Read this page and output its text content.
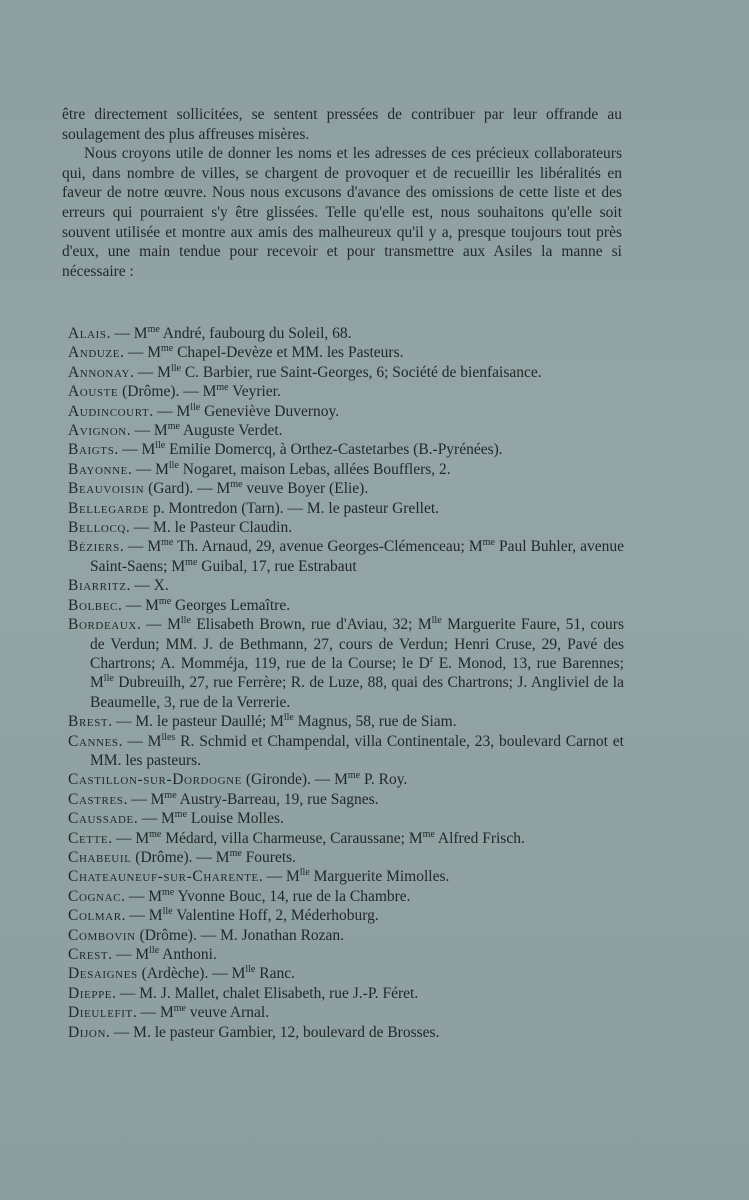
être directement sollicitées, se sentent pressées de contribuer par leur offrande au soulagement des plus affreuses misères.

Nous croyons utile de donner les noms et les adresses de ces précieux collaborateurs qui, dans nombre de villes, se chargent de provoquer et de recueillir les libéralités en faveur de notre œuvre. Nous nous excusons d'avance des omissions de cette liste et des erreurs qui pourraient s'y être glissées. Telle qu'elle est, nous souhaitons qu'elle soit souvent utilisée et montre aux amis des malheureux qu'il y a, presque toujours tout près d'eux, une main tendue pour recevoir et pour transmettre aux Asiles la manne si nécessaire :

Alais. — $M^{me}$ André, faubourg du Soleil, 68.

Anduze. — $M^{me}$ Chapel-Devèze et MM. les Pasteurs.

Annonay. — $M^{lle}$ C. Barbier, rue Saint-Georges, 6; Société de bienfaisance.

Aouste (Drôme). — $M^{me}$ Veyrier.

Audincourt. — $M^{lle}$ Geneviève Duvernoy.

Avignon. — $M^{me}$ Auguste Verdet.

Baigts. — $M^{lle}$ Emilie Domercq, à Orthez-Castetarbes (B.-Pyrénées).

Bayonne. — $M^{lle}$ Nogaret, maison Lebas, allées Boufflers, 2.

Beauvoisin (Gard). — $M^{me}$ veuve Boyer (Elie).

Bellegarde p. Montredon (Tarn). — M. le pasteur Grellet.

Bellocq. — M. le Pasteur Claudin.

Béziers. — $M^{me}$ Th. Arnaud, 29, avenue Georges-Clémenceau; $M^{me}$ Paul Buhler, avenue Saint-Saens; $M^{me}$ Guibal, 17, rue Estrabaut

Biarritz. — X.

Bolbec. — $M^{me}$ Georges Lemaître.

Bordeaux. — $M^{lle}$ Elisabeth Brown, rue d'Aviau, 32; $M^{lle}$ Marguerite Faure, 51, cours de Verdun; MM. J. de Bethmann, 27, cours de Verdun; Henri Cruse, 29, Pavé des Chartrons; A. Momméja, 119, rue de la Course; le $D^r$ E. Monod, 13, rue Barennes; $M^{lle}$ Dubreuilh, 27, rue Ferrère; R. de Luze, 88, quai des Chartrons; J. Angliviel de la Beaumelle, 3, rue de la Verrerie.

Brest. — M. le pasteur Daullé; $M^{lle}$ Magnus, 58, rue de Siam.

Cannes. — $M^{lles}$ R. Schmid et Champendal, villa Continentale, 23, boulevard Carnot et MM. les pasteurs.

Castillon-sur-Dordogne (Gironde). — $M^{me}$ P. Roy.

Castres. — $M^{me}$ Austry-Barreau, 19, rue Sagnes.

Caussade. — $M^{me}$ Louise Molles.

Cette. — $M^{me}$ Médard, villa Charmeuse, Caraussane; $M^{me}$ Alfred Frisch.

Chabeuil (Drôme). — $M^{me}$ Fourets.

Chateauneuf-sur-Charente. — $M^{lle}$ Marguerite Mimolles.

Cognac. — $M^{me}$ Yvonne Bouc, 14, rue de la Chambre.

Colmar. — $M^{lle}$ Valentine Hoff, 2, Méderhoburg.

Combovin (Drôme). — M. Jonathan Rozan.

Crest. — $M^{lle}$ Anthoni.

Desaignes (Ardèche). — $M^{lle}$ Ranc.

Dieppe. — M. J. Mallet, chalet Elisabeth, rue J.-P. Féret.

Dieulefit. — $M^{me}$ veuve Arnal.

Dijon. — M. le pasteur Gambier, 12, boulevard de Brosses.
